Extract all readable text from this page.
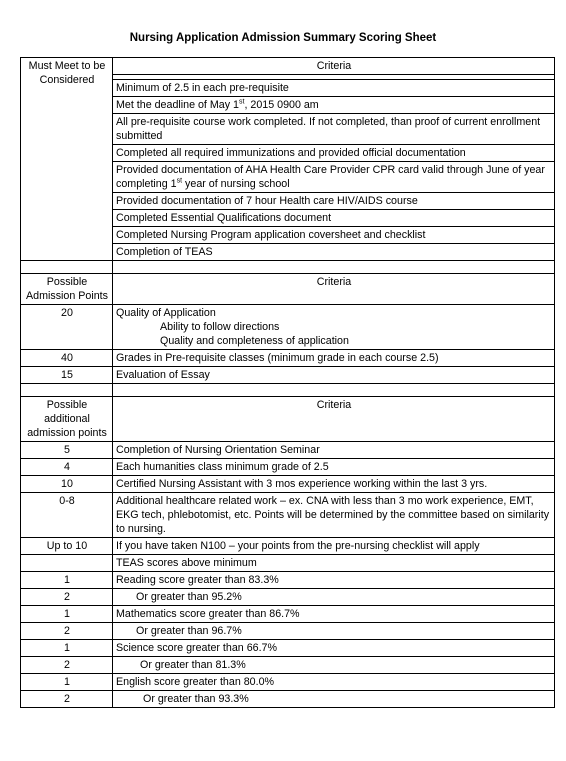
Nursing Application Admission Summary Scoring Sheet
Must Meet to be Considered	Criteria

	Minimum of 2.5 in each pre-requisite
	Met the deadline of May 1st, 2015 0900 am
	All pre-requisite course work completed. If not completed, than proof of current enrollment submitted
	Completed all required immunizations and provided official documentation
	Provided documentation of AHA Health Care Provider CPR card valid through June of year completing 1st year of nursing school
	Provided documentation of 7 hour Health care HIV/AIDS course
	Completed Essential Qualifications document
	Completed Nursing Program application coversheet and checklist
	Completion of TEAS

Possible Admission Points	Criteria
20	Quality of Application
Ability to follow directions
Quality and completeness of application

40	Grades in Pre-requisite classes (minimum grade in each course 2.5)
15	Evaluation of Essay

Possible additional admission points	Criteria
5	Completion of Nursing Orientation Seminar
4	Each humanities class minimum grade of 2.5
10	Certified Nursing Assistant with 3 mos experience working within the last 3 yrs.
0-8	Additional healthcare related work – ex. CNA with less than 3 mo work experience, EMT, EKG tech, phlebotomist, etc. Points will be determined by the committee based on similarity to nursing.
Up to 10	If you have taken N100 – your points from the pre-nursing checklist will apply
	TEAS scores above minimum
1	Reading score greater than 83.3%
2	Or greater than 95.2%
1	Mathematics score greater than 86.7%
2	Or greater than 96.7%
1	Science score greater than 66.7%
2	Or greater than 81.3%
1	English score greater than 80.0%
2	Or greater than 93.3%
